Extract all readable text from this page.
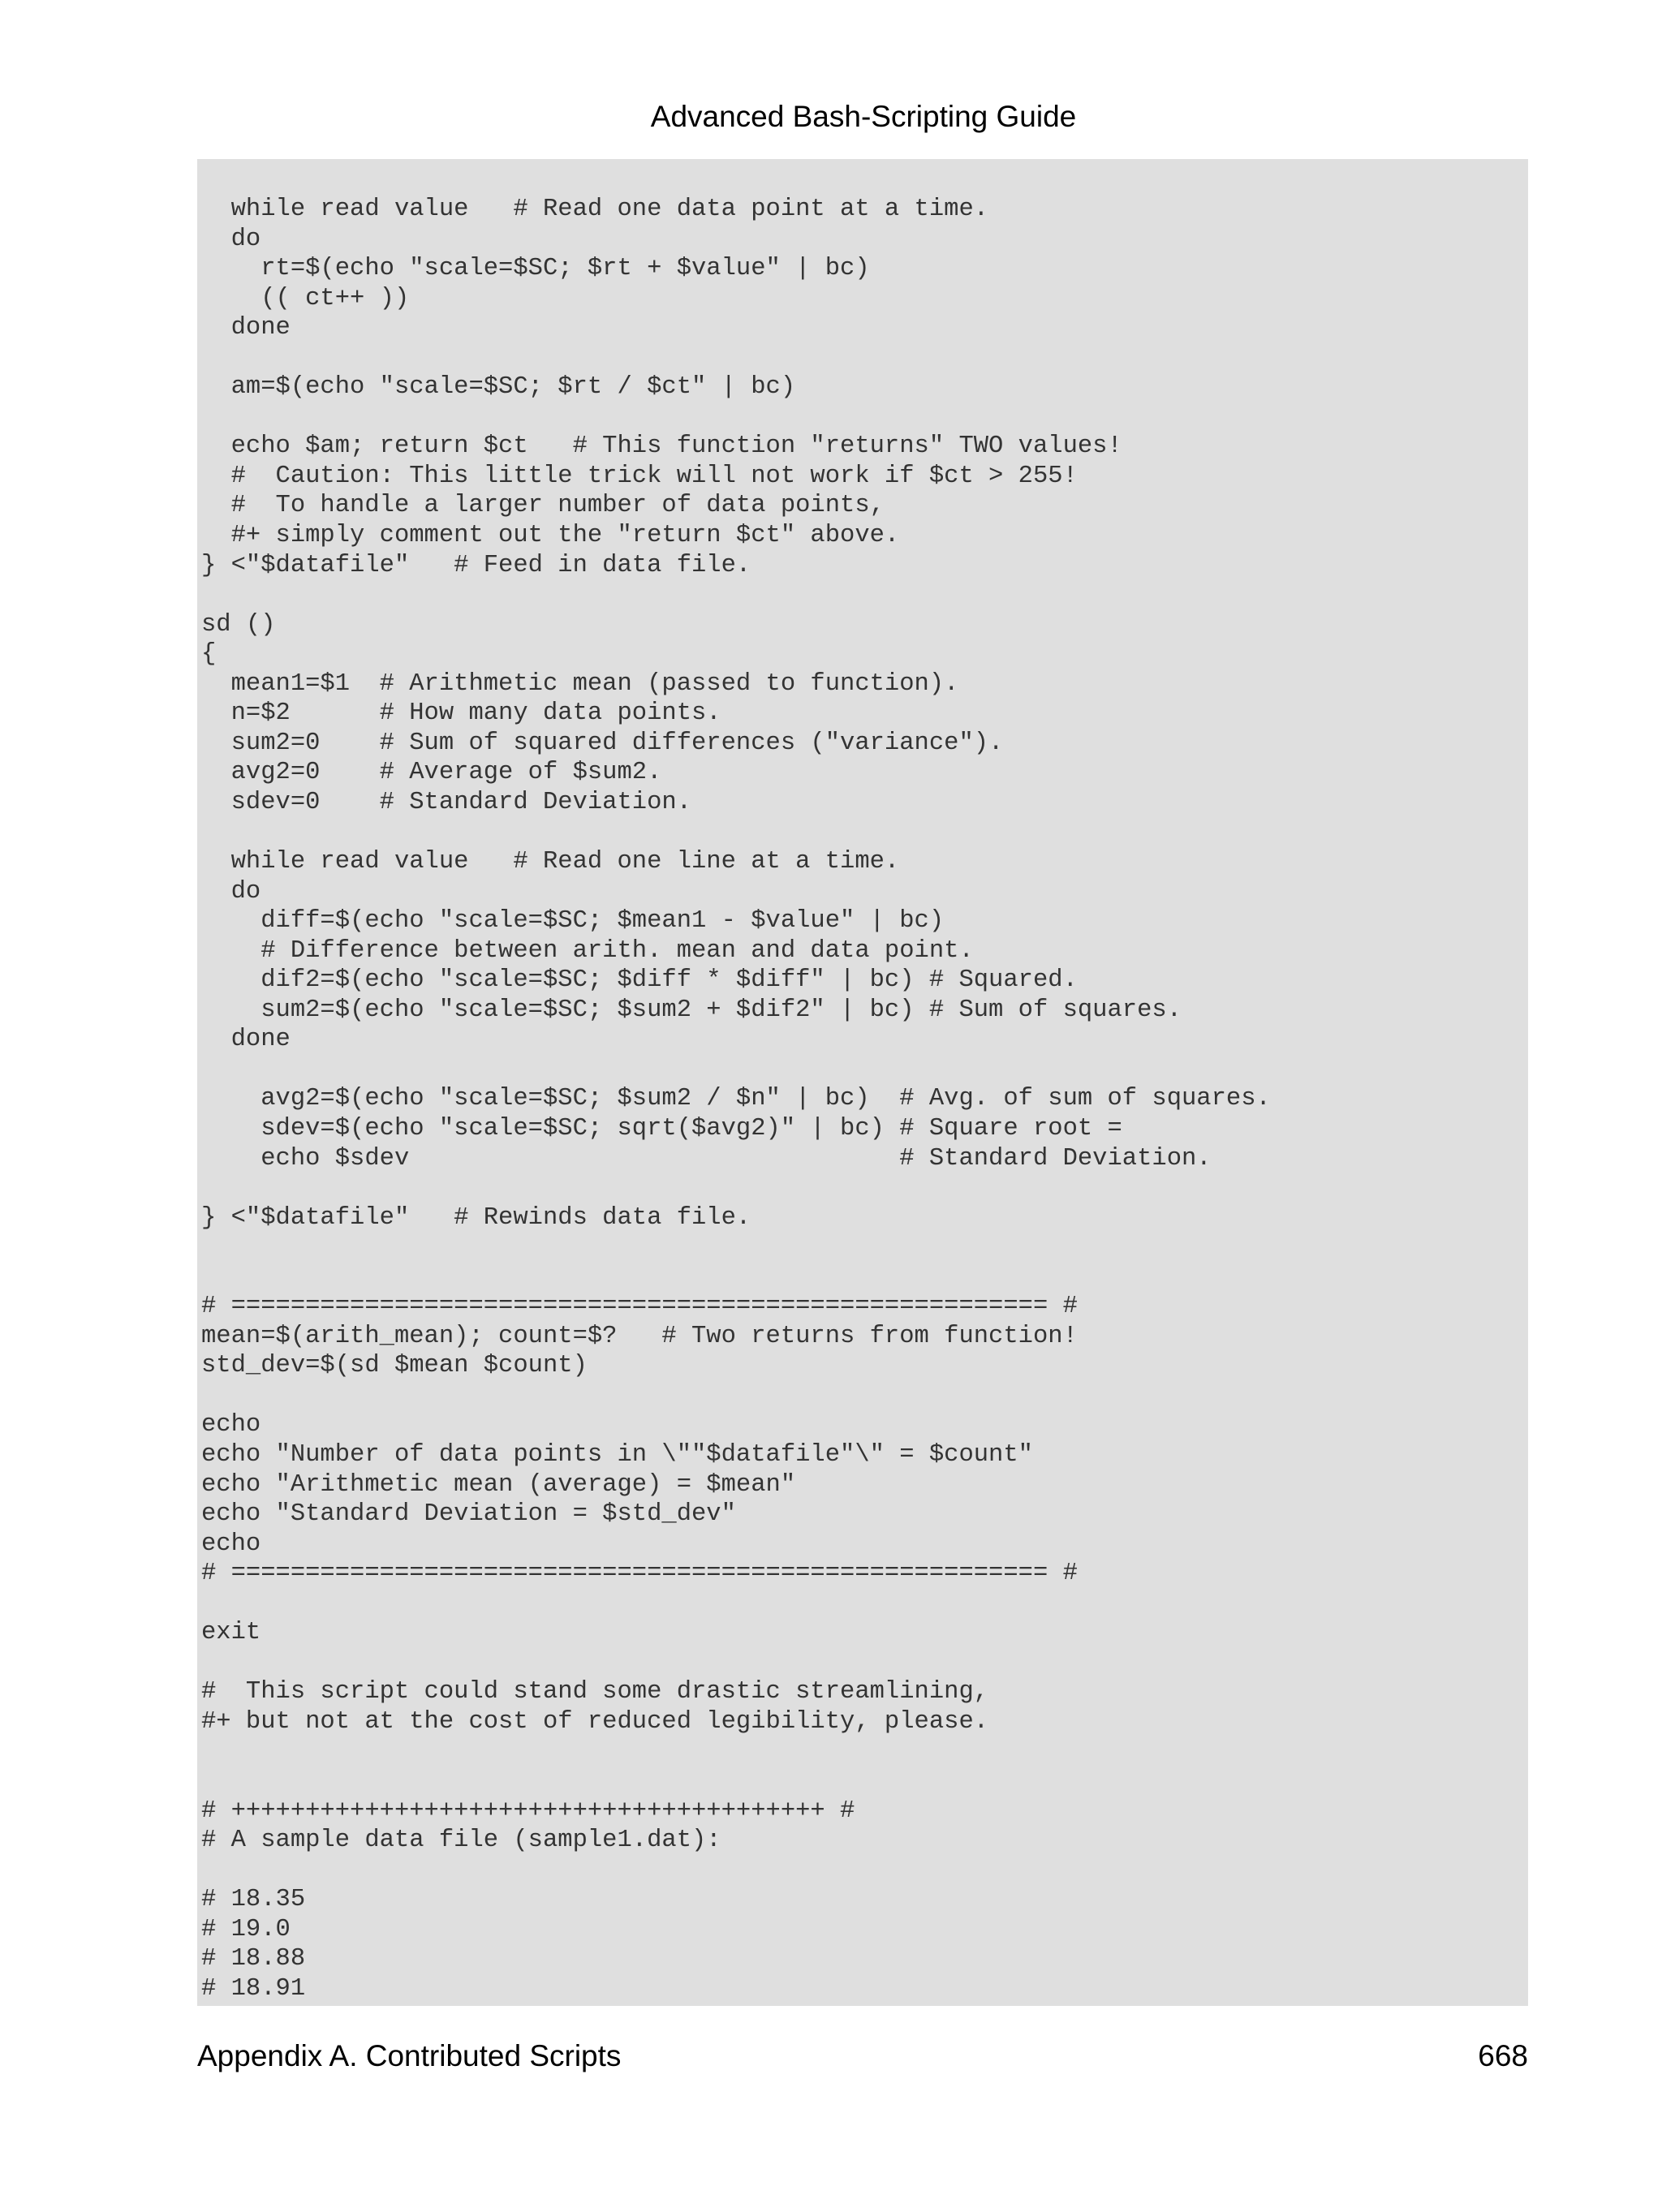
Advanced Bash-Scripting Guide
while read value   # Read one data point at a time.
do
rt=$(echo "scale=$SC; $rt + $value" | bc)
(( ct++ ))
done
am=$(echo "scale=$SC; $rt / $ct" | bc)
echo $am; return $ct   # This function "returns" TWO values!
#  Caution: This little trick will not work if $ct > 255!
#  To handle a larger number of data points,
#+ simply comment out the "return $ct" above.
} <"$datafile"   # Feed in data file.
sd ()
{
mean1=$1  # Arithmetic mean (passed to function).
n=$2      # How many data points.
sum2=0    # Sum of squared differences ("variance").
avg2=0    # Average of $sum2.
sdev=0    # Standard Deviation.
while read value   # Read one line at a time.
do
diff=$(echo "scale=$SC; $mean1 - $value" | bc)
# Difference between arith. mean and data point.
dif2=$(echo "scale=$SC; $diff * $diff" | bc) # Squared.
sum2=$(echo "scale=$SC; $sum2 + $dif2" | bc) # Sum of squares.
done
avg2=$(echo "scale=$SC; $sum2 / $n" | bc)  # Avg. of sum of squares.
sdev=$(echo "scale=$SC; sqrt($avg2)" | bc) # Square root =
echo $sdev                                 # Standard Deviation.
} <"$datafile"   # Rewinds data file.
# ======================================================= #
mean=$(arith_mean); count=$?   # Two returns from function!
std_dev=$(sd $mean $count)
echo
echo "Number of data points in \""$datafile"\" = $count"
echo "Arithmetic mean (average) = $mean"
echo "Standard Deviation = $std_dev"
echo
# ======================================================= #
exit
#  This script could stand some drastic streamlining,
#+ but not at the cost of reduced legibility, please.
# ++++++++++++++++++++++++++++++++++++++++ #
# A sample data file (sample1.dat):
# 18.35
# 19.0
# 18.88
# 18.91
Appendix A. Contributed Scripts	668
